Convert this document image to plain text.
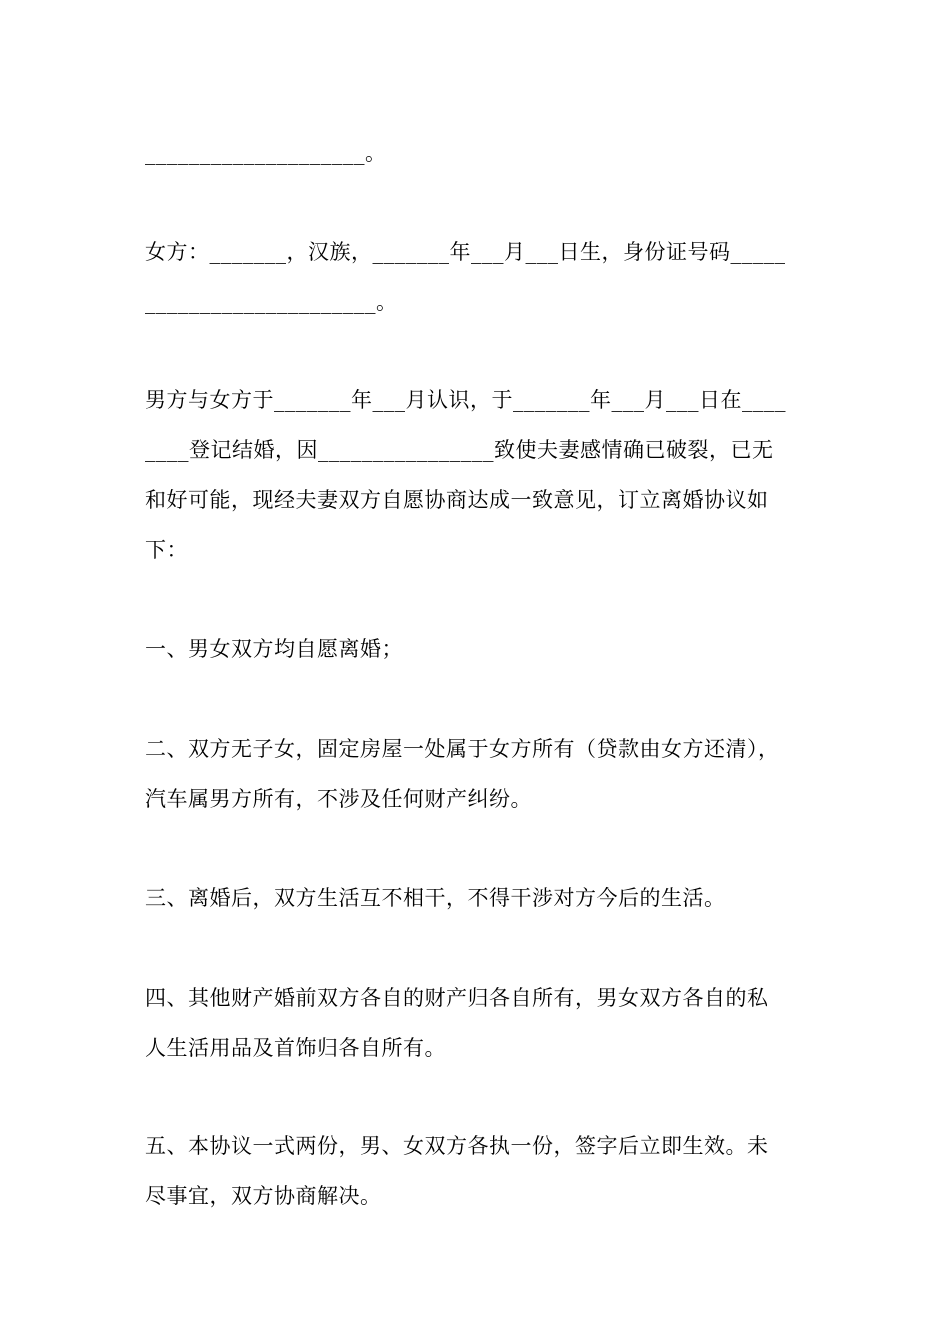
____________________。
女方：_______，汉族，_______年___月___日生，身份证号码_____
_____________________。
男方与女方于_______年___月认识，于_______年___月___日在____
____登记结婚，因________________致使夫妻感情确已破裂，已无
和好可能，现经夫妻双方自愿协商达成一致意见，订立离婚协议如
下：
一、男女双方均自愿离婚；
二、双方无子女，固定房屋一处属于女方所有（贷款由女方还清），
汽车属男方所有，不涉及任何财产纠纷。
三、离婚后，双方生活互不相干，不得干涉对方今后的生活。
四、其他财产婚前双方各自的财产归各自所有，男女双方各自的私
人生活用品及首饰归各自所有。
五、本协议一式两份，男、女双方各执一份，签字后立即生效。未
尽事宜，双方协商解决。
